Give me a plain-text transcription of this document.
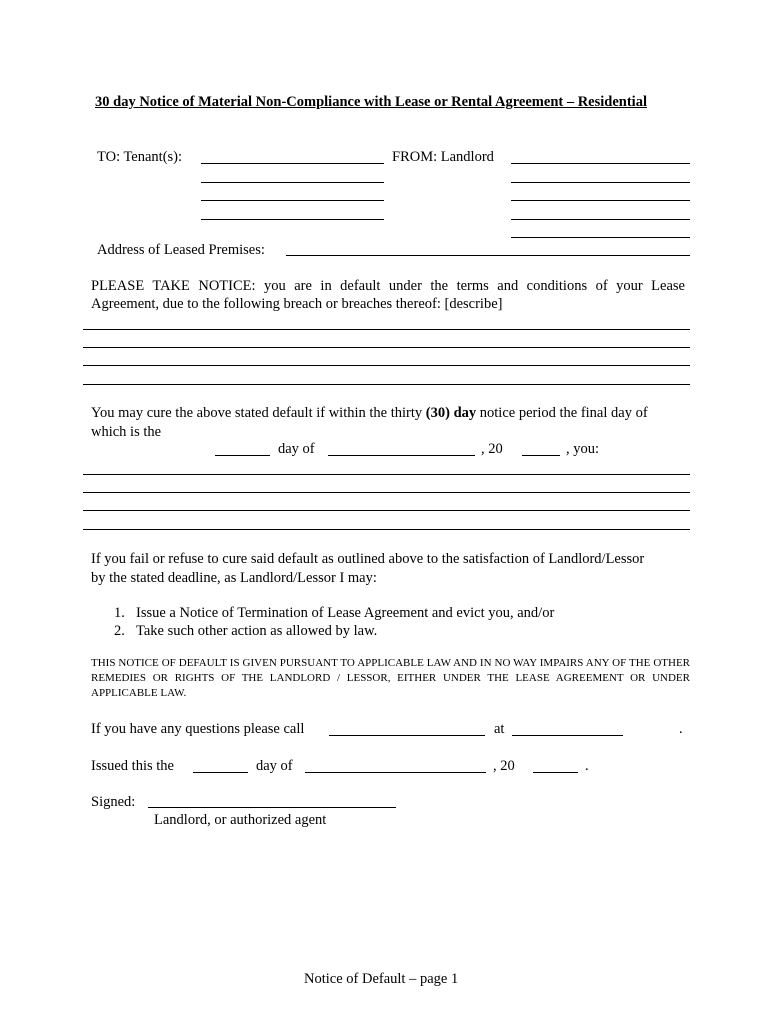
30 day Notice of Material Non-Compliance with Lease or Rental Agreement – Residential
TO: Tenant(s):	FROM: Landlord
Address of Leased Premises:
PLEASE TAKE NOTICE: you are in default under the terms and conditions of your Lease
Agreement, due to the following breach or breaches thereof: [describe]
You may cure the above stated default if within the thirty (30) day notice period the final day of
which is the
day of	, 20	, you:
If you fail or refuse to cure said default as outlined above to the satisfaction of Landlord/Lessor
by the stated deadline, as Landlord/Lessor I may:
1. Issue a Notice of Termination of Lease Agreement and evict you, and/or
2. Take such other action as allowed by law.
THIS NOTICE OF DEFAULT IS GIVEN PURSUANT TO APPLICABLE LAW AND IN NO WAY IMPAIRS ANY OF THE OTHER REMEDIES OR RIGHTS OF THE LANDLORD / LESSOR, EITHER UNDER THE LEASE AGREEMENT OR UNDER APPLICABLE LAW.
If you have any questions please call	at	.
Issued this the	day of	, 20	.
Signed:
Landlord, or authorized agent
Notice of Default – page 1
